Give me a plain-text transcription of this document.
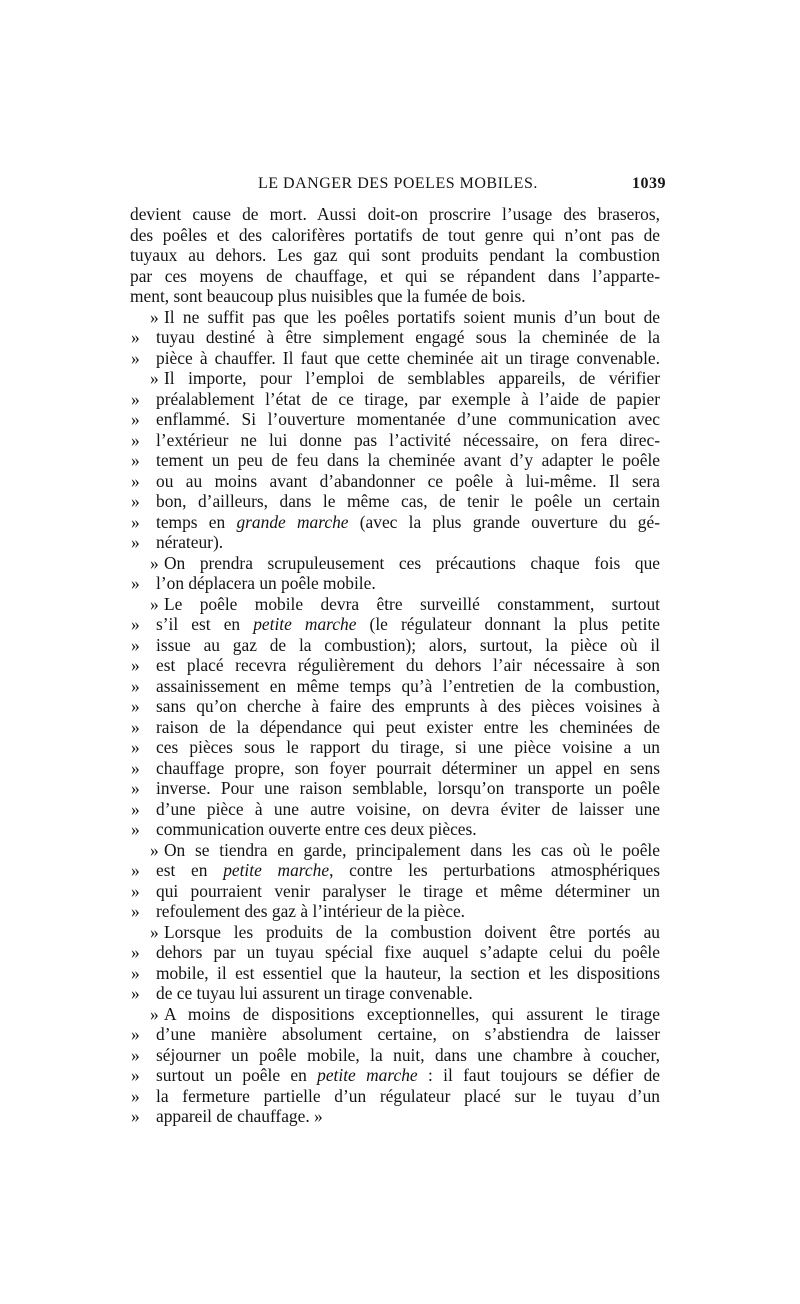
LE DANGER DES POELES MOBILES.	1039
devient cause de mort. Aussi doit-on proscrire l’usage des braseros,
des poêles et des calorifères portatifs de tout genre qui n’ont pas de
tuyaux au dehors. Les gaz qui sont produits pendant la combustion
par ces moyens de chauffage, et qui se répandent dans l’apparte-
ment, sont beaucoup plus nuisibles que la fumée de bois.
» Il ne suffit pas que les poêles portatifs soient munis d’un bout de
» tuyau destiné à être simplement engagé sous la cheminée de la
» pièce à chauffer. Il faut que cette cheminée ait un tirage convenable.
» Il importe, pour l’emploi de semblables appareils, de vérifier
» préalablement l’état de ce tirage, par exemple à l’aide de papier
» enflammé. Si l’ouverture momentanée d’une communication avec
» l’extérieur ne lui donne pas l’activité nécessaire, on fera direc-
» tement un peu de feu dans la cheminée avant d’y adapter le poêle
» ou au moins avant d’abandonner ce poêle à lui-même. Il sera
» bon, d’ailleurs, dans le même cas, de tenir le poêle un certain
» temps en grande marche (avec la plus grande ouverture du gé-
» nérateur).
» On prendra scrupuleusement ces précautions chaque fois que
» l’on déplacera un poêle mobile.
» Le poêle mobile devra être surveillé constamment, surtout
» s’il est en petite marche (le régulateur donnant la plus petite
» issue au gaz de la combustion); alors, surtout, la pièce où il
» est placé recevra régulièrement du dehors l’air nécessaire à son
» assainissement en même temps qu’à l’entretien de la combustion,
» sans qu’on cherche à faire des emprunts à des pièces voisines à
» raison de la dépendance qui peut exister entre les cheminées de
» ces pièces sous le rapport du tirage, si une pièce voisine a un
» chauffage propre, son foyer pourrait déterminer un appel en sens
» inverse. Pour une raison semblable, lorsqu’on transporte un poêle
» d’une pièce à une autre voisine, on devra éviter de laisser une
» communication ouverte entre ces deux pièces.
» On se tiendra en garde, principalement dans les cas où le poêle
» est en petite marche, contre les perturbations atmosphériques
» qui pourraient venir paralyser le tirage et même déterminer un
» refoulement des gaz à l’intérieur de la pièce.
» Lorsque les produits de la combustion doivent être portés au
» dehors par un tuyau spécial fixe auquel s’adapte celui du poêle
» mobile, il est essentiel que la hauteur, la section et les dispositions
» de ce tuyau lui assurent un tirage convenable.
» A moins de dispositions exceptionnelles, qui assurent le tirage
» d’une manière absolument certaine, on s’abstiendra de laisser
» séjourner un poêle mobile, la nuit, dans une chambre à coucher,
» surtout un poêle en petite marche : il faut toujours se défier de
» la fermeture partielle d’un régulateur placé sur le tuyau d’un
» appareil de chauffage. »
